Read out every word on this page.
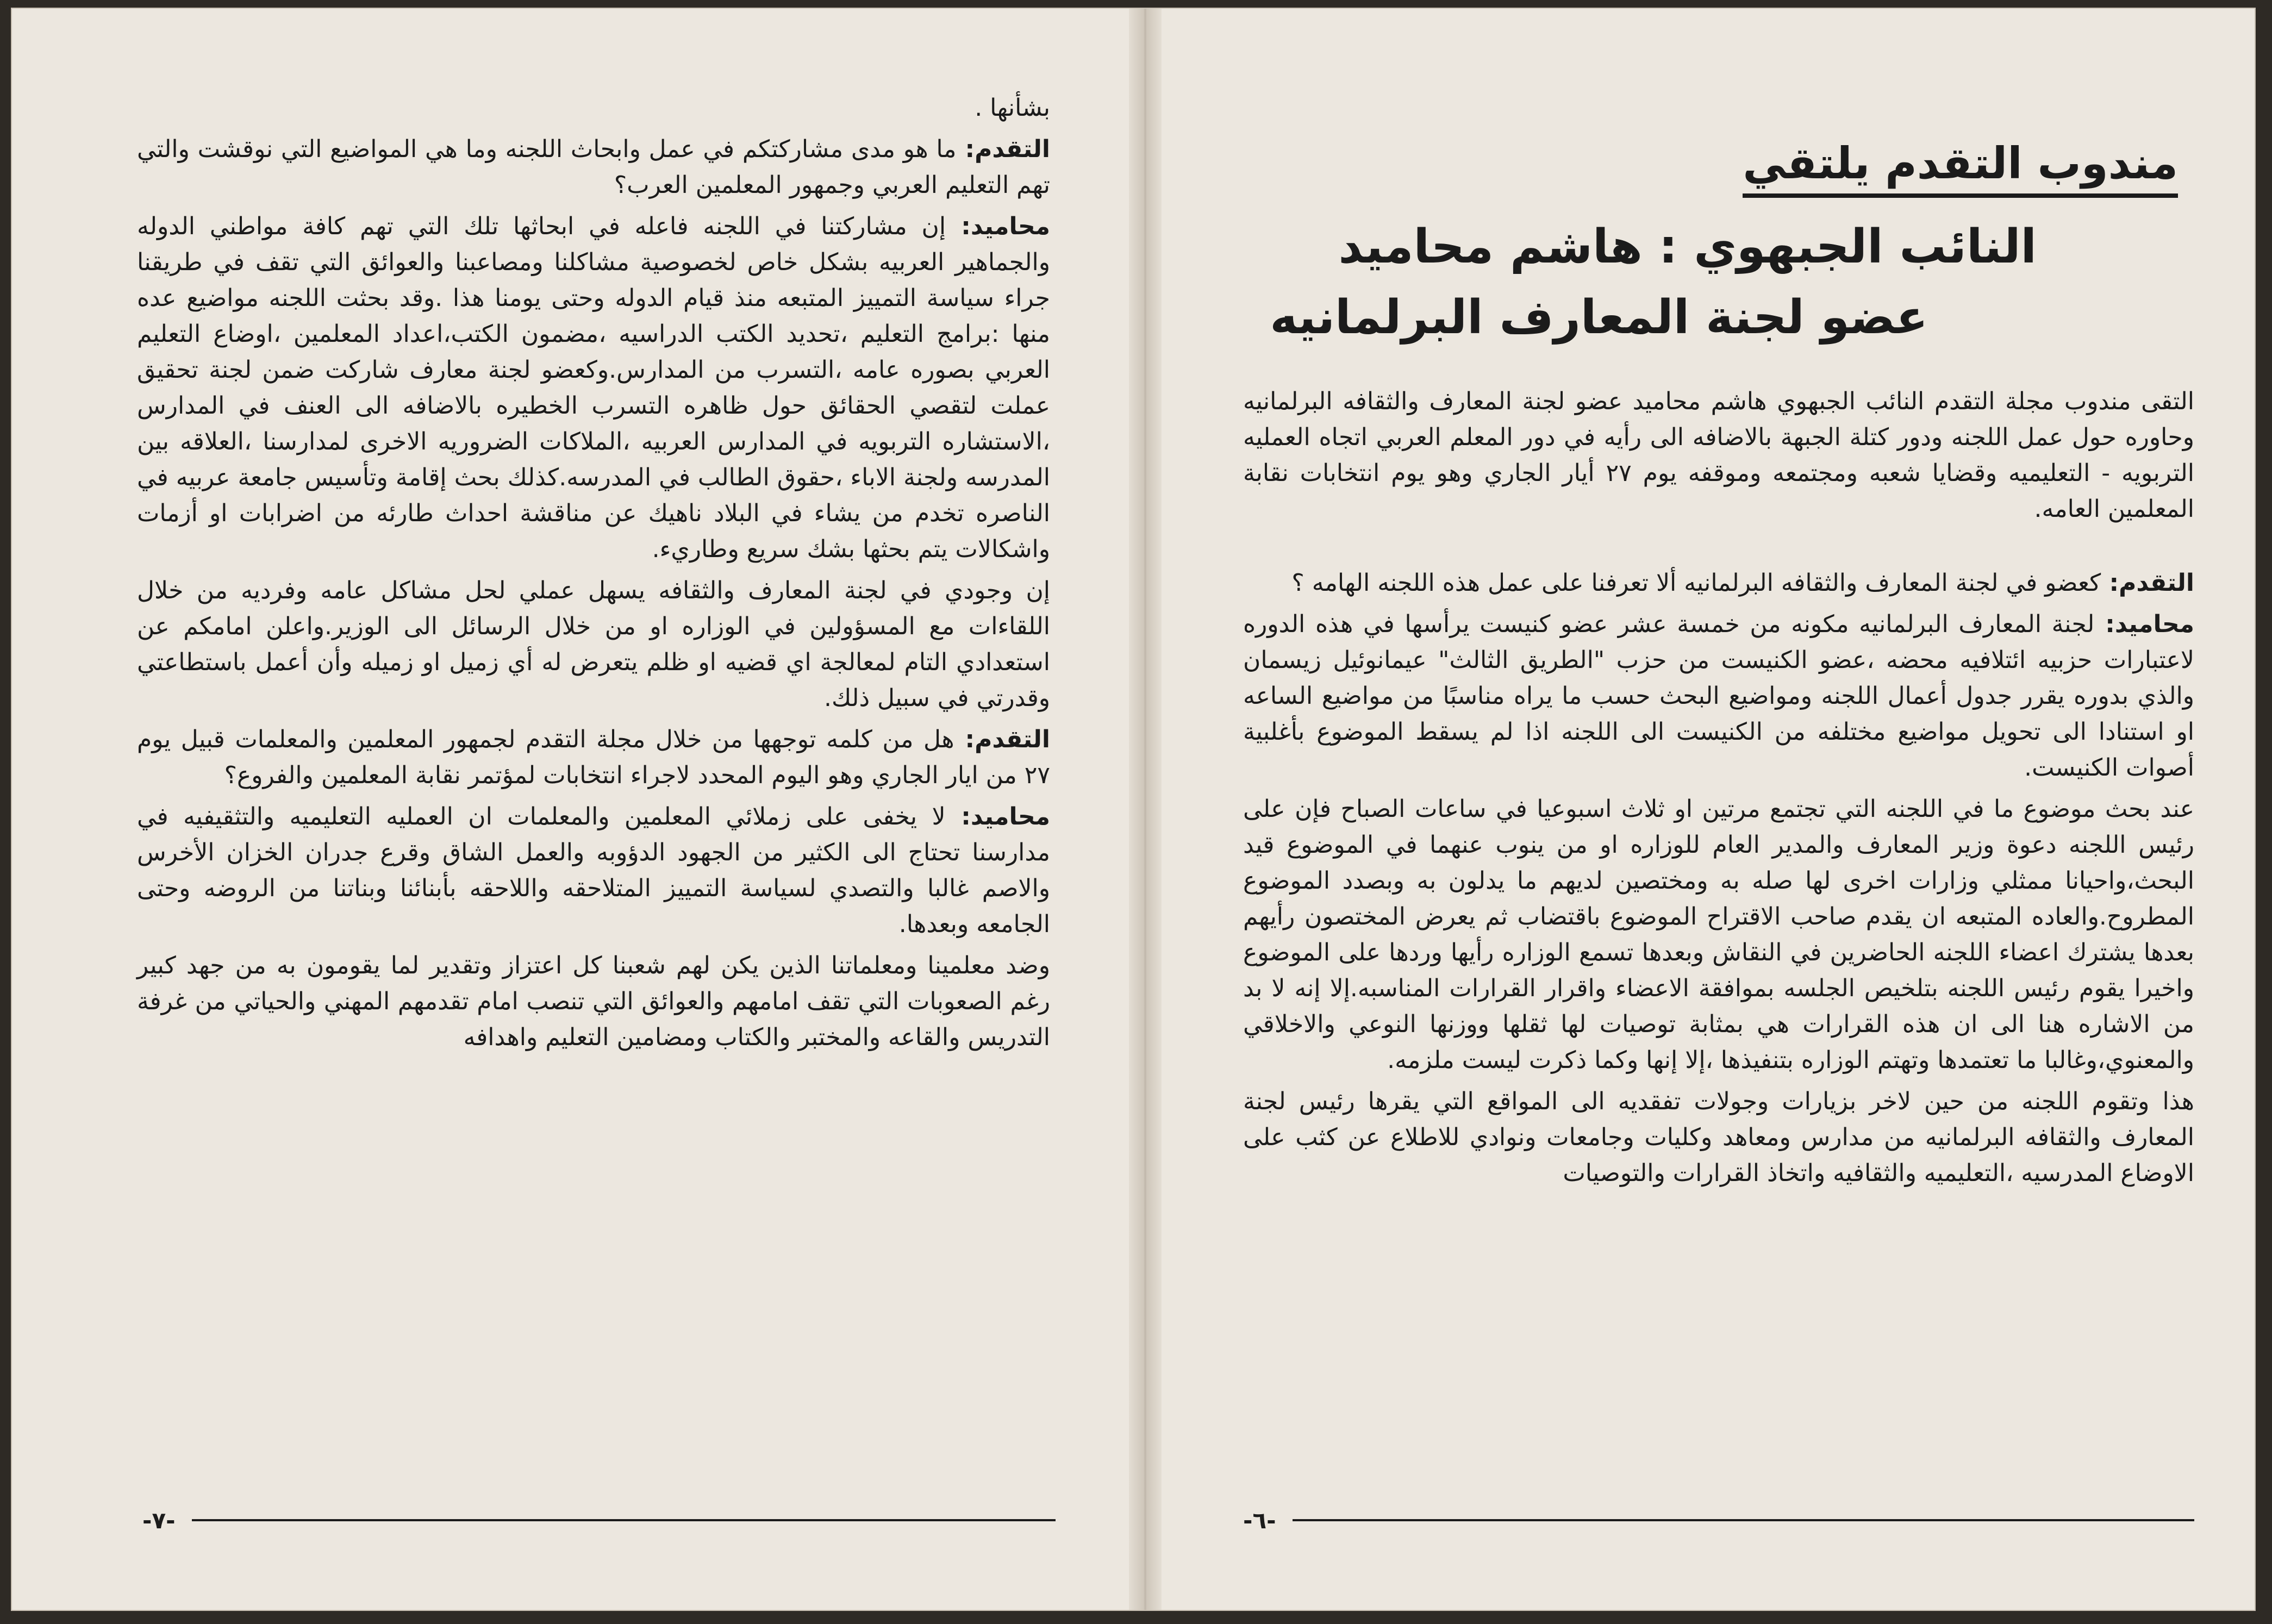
بشأنها .

التقدم: ما هو مدى مشاركتكم في عمل وابحاث اللجنه وما هي المواضيع التي نوقشت والتي تهم التعليم العربي وجمهور المعلمين العرب؟

محاميد: إن مشاركتنا في اللجنه فاعله في ابحاثها تلك التي تهم كافة مواطني الدوله والجماهير العربيه بشكل خاص لخصوصية مشاكلنا ومصاعبنا والعوائق التي تقف في طريقنا جراء سياسة التمييز المتبعه منذ قيام الدوله وحتى يومنا هذا .وقد بحثت اللجنه مواضيع عده منها :برامج التعليم ،تحديد الكتب الدراسيه ،مضمون الكتب،اعداد المعلمين ،اوضاع التعليم العربي بصوره عامه ،التسرب من المدارس.وكعضو لجنة معارف شاركت ضمن لجنة تحقيق عملت لتقصي الحقائق حول ظاهره التسرب الخطيره بالاضافه الى العنف في المدارس ،الاستشاره التربويه في المدارس العربيه ،الملاكات الضروريه الاخرى لمدارسنا ،العلاقه بين المدرسه ولجنة الاباء ،حقوق الطالب في المدرسه.كذلك بحث إقامة وتأسيس جامعة عربيه في الناصره تخدم من يشاء في البلاد ناهيك عن مناقشة احداث طارئه من اضرابات او أزمات واشكالات يتم بحثها بشك سريع وطاريء.

إن وجودي في لجنة المعارف والثقافه يسهل عملي لحل مشاكل عامه وفرديه من خلال اللقاءات مع المسؤولين في الوزاره او من خلال الرسائل الى الوزير.واعلن امامكم عن استعدادي التام لمعالجة اي قضيه او ظلم يتعرض له أي زميل او زميله وأن أعمل باستطاعتي وقدرتي في سبيل ذلك.

التقدم: هل من كلمه توجهها من خلال مجلة التقدم لجمهور المعلمين والمعلمات قبيل يوم ٢٧ من ايار الجاري وهو اليوم المحدد لاجراء انتخابات لمؤتمر نقابة المعلمين والفروع؟

محاميد: لا يخفى على زملائي المعلمين والمعلمات ان العمليه التعليميه والتثقيفيه في مدارسنا تحتاج الى الكثير من الجهود الدؤوبه والعمل الشاق وقرع جدران الخزان الأخرس والاصم غالبا والتصدي لسياسة التمييز المتلاحقه واللاحقه بأبنائنا وبناتنا من الروضه وحتى الجامعه وبعدها.

وضد معلمينا ومعلماتنا الذين يكن لهم شعبنا كل اعتزاز وتقدير لما يقومون به من جهد كبير رغم الصعوبات التي تقف امامهم والعوائق التي تنصب امام تقدمهم المهني والحياتي من غرفة التدريس والقاعه والمختبر والكتاب ومضامين التعليم واهدافه

-٧-
مندوب التقدم يلتقي
النائب الجبهوي : هاشم محاميد
عضو لجنة المعارف البرلمانيه

التقى مندوب مجلة التقدم النائب الجبهوي هاشم محاميد عضو لجنة المعارف والثقافه البرلمانيه وحاوره حول عمل اللجنه ودور كتلة الجبهة بالاضافه الى رأيه في دور المعلم العربي اتجاه العمليه التربويه - التعليميه وقضايا شعبه ومجتمعه وموقفه يوم ٢٧ أيار الجاري وهو يوم انتخابات نقابة المعلمين العامه.

التقدم: كعضو في لجنة المعارف والثقافه البرلمانيه ألا تعرفنا على عمل هذه اللجنه الهامه ؟

محاميد: لجنة المعارف البرلمانيه مكونه من خمسة عشر عضو كنيست يرأسها في هذه الدوره لاعتبارات حزبيه ائتلافيه محضه ،عضو الكنيست من حزب "الطريق الثالث" عيمانوئيل زيسمان والذي بدوره يقرر جدول أعمال اللجنه ومواضيع البحث حسب ما يراه مناسبًا من مواضيع الساعه او استنادا الى تحويل مواضيع مختلفه من الكنيست الى اللجنه اذا لم يسقط الموضوع بأغلبية أصوات الكنيست.

عند بحث موضوع ما في اللجنه التي تجتمع مرتين او ثلاث اسبوعيا في ساعات الصباح فإن على رئيس اللجنه دعوة وزير المعارف والمدير العام للوزاره او من ينوب عنهما في الموضوع قيد البحث،واحيانا ممثلي وزارات اخرى لها صله به ومختصين لديهم ما يدلون به وبصدد الموضوع المطروح.والعاده المتبعه ان يقدم صاحب الاقتراح الموضوع باقتضاب ثم يعرض المختصون رأيهم بعدها يشترك اعضاء اللجنه الحاضرين في النقاش وبعدها تسمع الوزاره رأيها وردها على الموضوع واخيرا يقوم رئيس اللجنه بتلخيص الجلسه بموافقة الاعضاء واقرار القرارات المناسبه.إلا إنه لا بد من الاشاره هنا الى ان هذه القرارات هي بمثابة توصيات لها ثقلها ووزنها النوعي والاخلاقي والمعنوي،وغالبا ما تعتمدها وتهتم الوزاره بتنفيذها ،إلا إنها وكما ذكرت ليست ملزمه.

هذا وتقوم اللجنه من حين لاخر بزيارات وجولات تفقديه الى المواقع التي يقرها رئيس لجنة المعارف والثقافه البرلمانيه من مدارس ومعاهد وكليات وجامعات ونوادي للاطلاع عن كثب على الاوضاع المدرسيه ،التعليميه والثقافيه واتخاذ القرارات والتوصيات

-٦-
